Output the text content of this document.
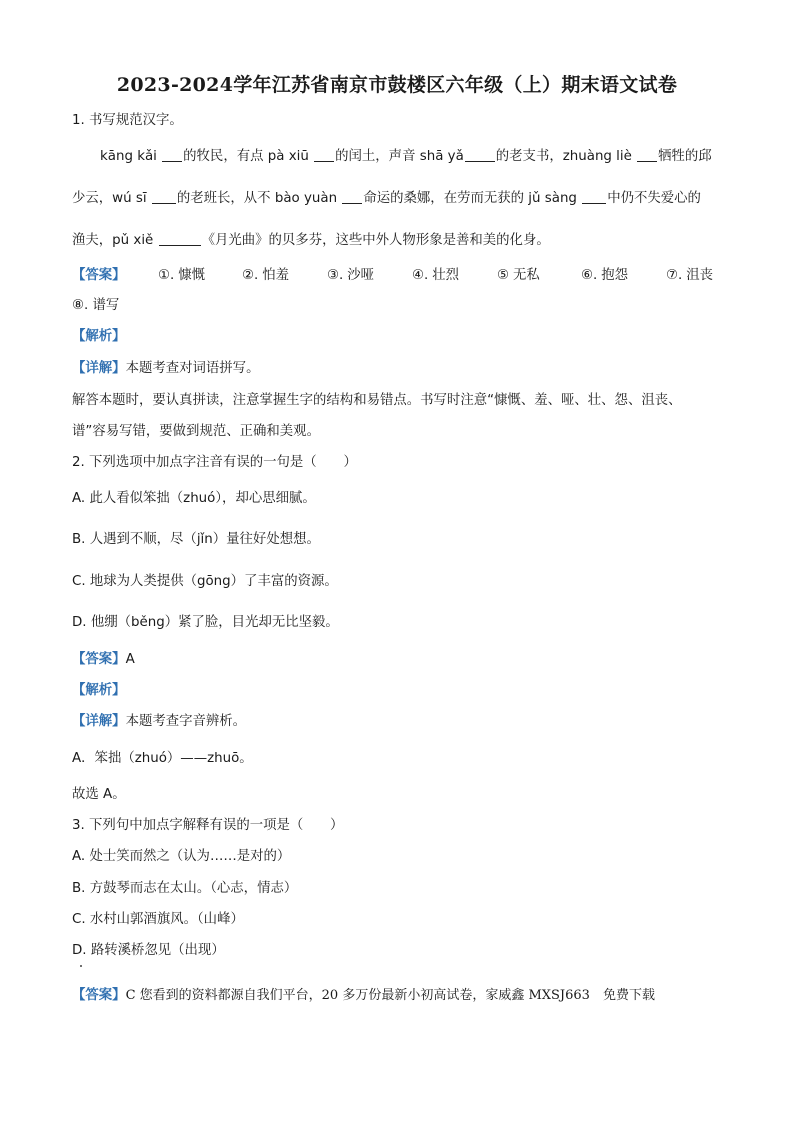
2023-2024学年江苏省南京市鼓楼区六年级（上）期末语文试卷
1. 书写规范汉字。
kāng kǎi 的牧民，有点 pà xiū 的闰土，声音 shā yǎ 的老支书，zhuàng liè 牺牲的邱
少云，wú sī 的老班长，从不 bào yuàn 命运的桑娜，在劳而无获的 jǔ sàng 中仍不失爱心的
渔夫，pǔ xiě	《月光曲》的贝多芬，这些中外人物形象是善和美的化身。
【答案】 ①. 慷慨	②. 怕羞	③. 沙哑	④. 壮烈	⑤ 无私	⑥. 抱怨	⑦. 沮丧
⑧. 谱写
【解析】
【详解】本题考查对词语拼写。
解答本题时，要认真拼读，注意掌握生字的结构和易错点。书写时注意“慷慨、羞、哑、壮、怨、沮丧、
谱”容易写错，要做到规范、正确和美观。
2. 下列选项中加点字注音有误的一句是（　　）
A. 此人看似笨拙（zhuó），却心思细腻。
B. 人遇到不顺，尽（jǐn）量往好处想想。
C. 地球为人类提供（gōng）了丰富的资源。
D. 他绷（běng）紧了脸，目光却无比坚毅。
【答案】A
【解析】
【详解】本题考查字音辨析。
A．笨拙（zhuó）——zhuō。
故选 A。
3. 下列句中加点字解释有误的一项是（　　）
A. 处士笑而然之（认为……是对的）
B. 方鼓琴而志在太山。（心志，情志）
C. 水村山郭酒旗风。（山峰）
D. 路转溪桥忽见（出现）
【答案】C 您看到的资料都源自我们平台，20 多万份最新小初高试卷，家威鑫 MXSJ663　免费下载
